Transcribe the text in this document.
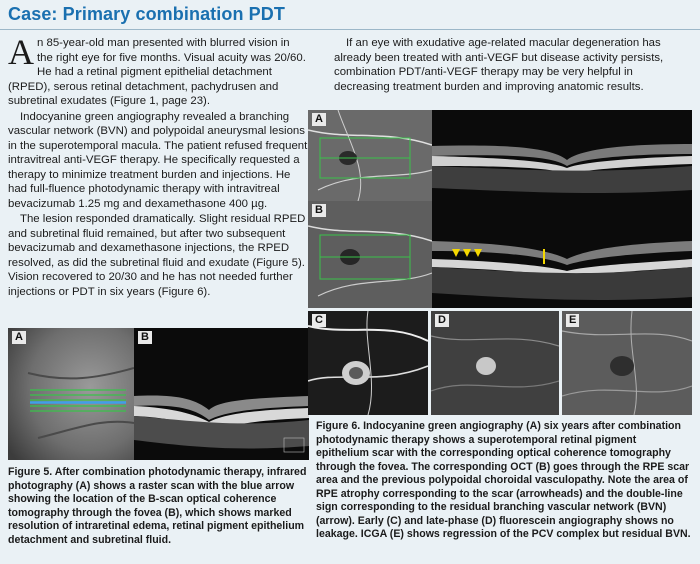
Case: Primary combination PDT

An 85-year-old man presented with blurred vision in the right eye for five months. Visual acuity was 20/60. He had a retinal pigment epithelial detachment (RPED), serous retinal detachment, pachydrusen and subretinal exudates (Figure 1, page 23).

Indocyanine green angiography revealed a branching vascular network (BVN) and polypoidal aneurysmal lesions in the superotemporal macula. The patient refused frequent intravitreal anti-VEGF therapy. He specifically requested a therapy to minimize treatment burden and injections. He had full-fluence photodynamic therapy with intravitreal bevacizumab 1.25 mg and dexamethasone 400 µg.

The lesion responded dramatically. Slight residual RPED and subretinal fluid remained, but after two subsequent bevacizumab and dexamethasone injections, the RPED resolved, as did the subretinal fluid and exudate (Figure 5). Vision recovered to 20/30 and he has not needed further injections or PDT in six years (Figure 6).

If an eye with exudative age-related macular degeneration has already been treated with anti-VEGF but disease activity persists, combination PDT/anti-VEGF therapy may be very helpful in decreasing treatment burden and improving anatomic results.

A	B
Figure 5. After combination photodynamic therapy, infrared photography (A) shows a raster scan with the blue arrow showing the location of the B-scan optical coherence tomography through the fovea (B), which shows marked resolution of intraretinal edema, retinal pigment epithelium detachment and subretinal fluid.
A
B
C	D	E
Figure 6. Indocyanine green angiography (A) six years after combination photodynamic therapy shows a superotemporal retinal pigment epithelium scar with the corresponding optical coherence tomography through the fovea. The corresponding OCT (B) goes through the RPE scar area and the previous polypoidal choroidal vasculopathy. Note the area of RPE atrophy corresponding to the scar (arrowheads) and the double-line sign corresponding to the residual branching vascular network (BVN) (arrow). Early (C) and late-phase (D) fluorescein angiography shows no leakage. ICGA (E) shows regression of the PCV complex but residual BVN.
